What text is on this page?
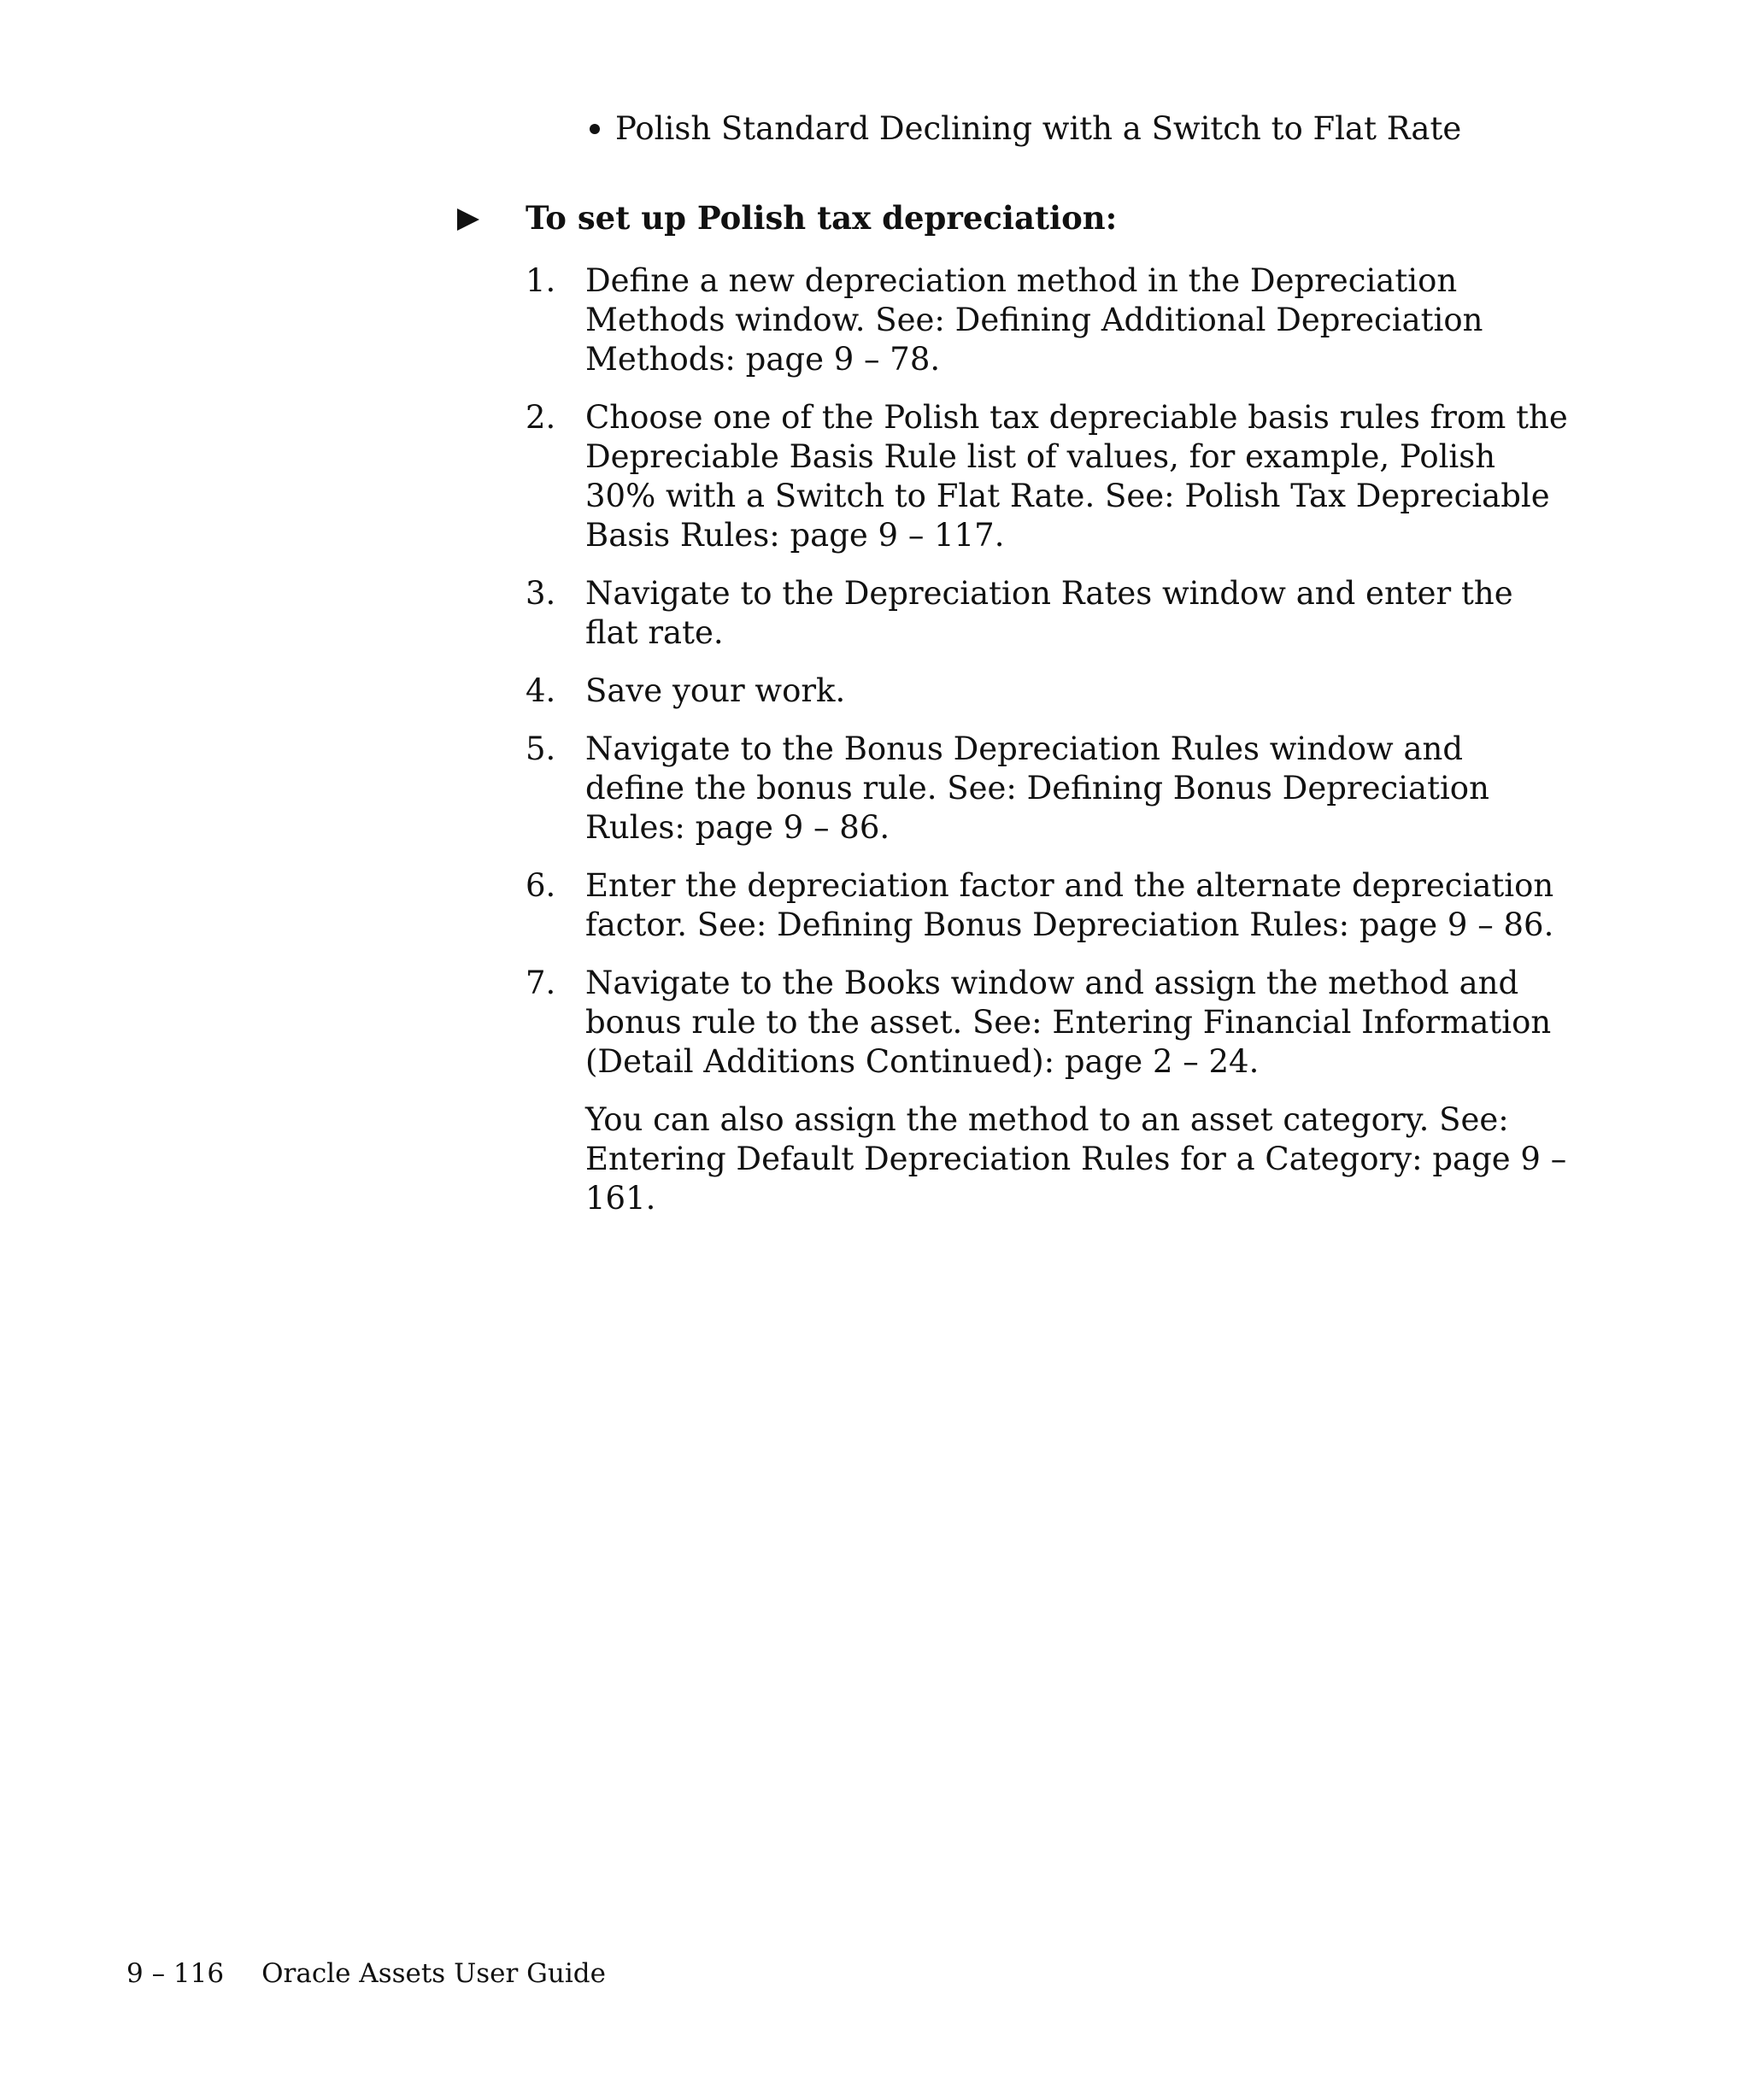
Polish Standard Declining with a Switch to Flat Rate
To set up Polish tax depreciation:
1. Define a new depreciation method in the Depreciation Methods window. See: Defining Additional Depreciation Methods: page 9 – 78.
2. Choose one of the Polish tax depreciable basis rules from the Depreciable Basis Rule list of values, for example, Polish 30% with a Switch to Flat Rate. See: Polish Tax Depreciable Basis Rules: page 9 – 117.
3. Navigate to the Depreciation Rates window and enter the flat rate.
4. Save your work.
5. Navigate to the Bonus Depreciation Rules window and define the bonus rule. See: Defining Bonus Depreciation Rules: page 9 – 86.
6. Enter the depreciation factor and the alternate depreciation factor. See: Defining Bonus Depreciation Rules: page 9 – 86.
7. Navigate to the Books window and assign the method and bonus rule to the asset. See: Entering Financial Information (Detail Additions Continued): page 2 – 24.
You can also assign the method to an asset category. See: Entering Default Depreciation Rules for a Category: page 9 – 161.
9 – 116 Oracle Assets User Guide
